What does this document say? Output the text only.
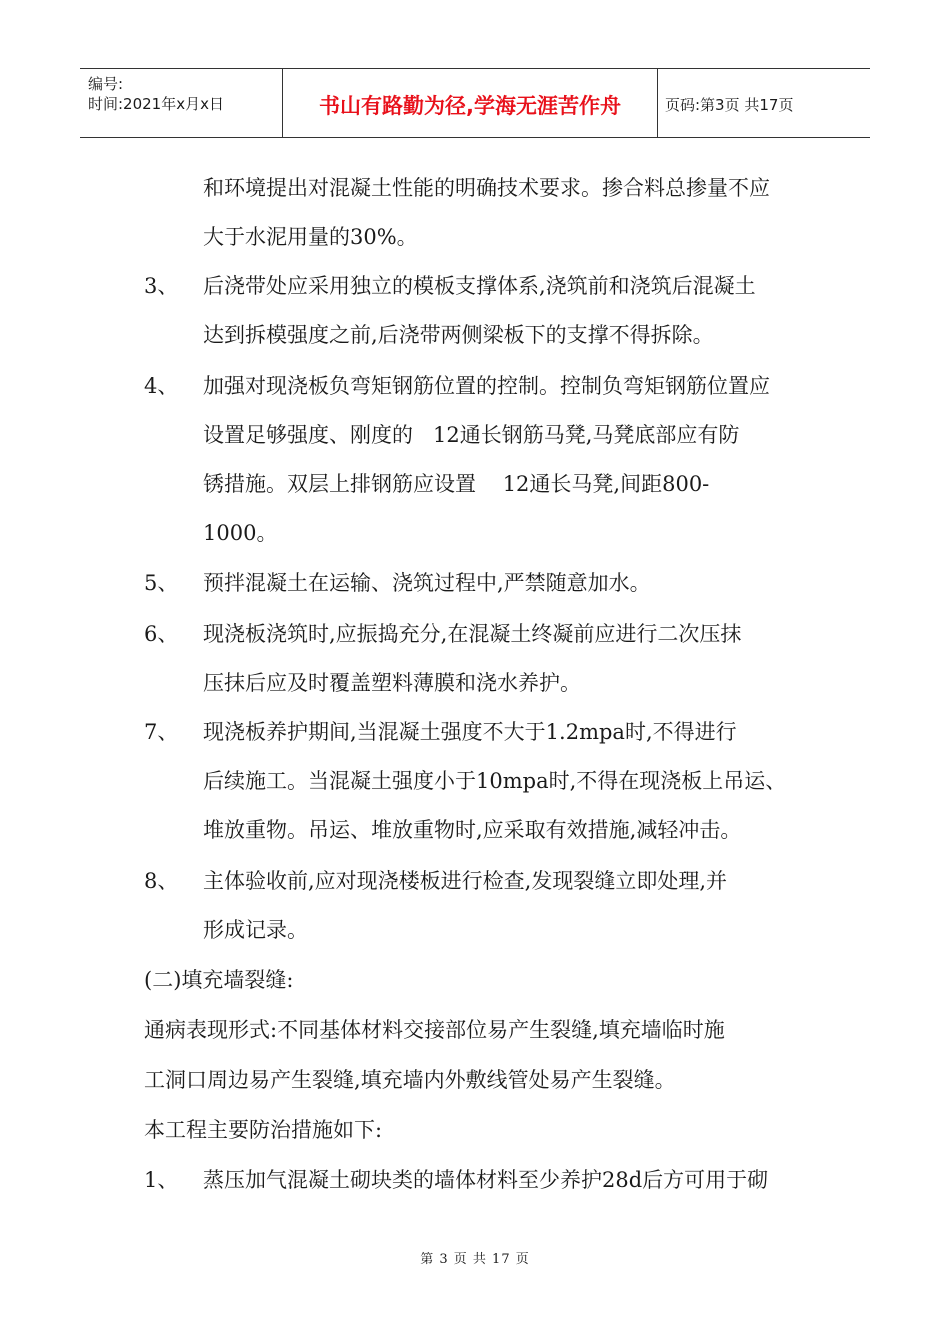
编号:
时间:2021年x月x日	书山有路勤为径,学海无涯苦作舟	页码:第3页 共17页
和环境提出对混凝土性能的明确技术要求。掺合料总掺量不应
大于水泥用量的30%。
3、 后浇带处应采用独立的模板支撑体系,浇筑前和浇筑后混凝土
达到拆模强度之前,后浇带两侧梁板下的支撑不得拆除。
4、 加强对现浇板负弯矩钢筋位置的控制。控制负弯矩钢筋位置应
设置足够强度、刚度的   12通长钢筋马凳,马凳底部应有防
锈措施。双层上排钢筋应设置    12通长马凳,间距800-
1000。
5、 预拌混凝土在运输、浇筑过程中,严禁随意加水。
6、 现浇板浇筑时,应振捣充分,在混凝土终凝前应进行二次压抹
压抹后应及时覆盖塑料薄膜和浇水养护。
7、 现浇板养护期间,当混凝土强度不大于1.2mpa时,不得进行
后续施工。当混凝土强度小于10mpa时,不得在现浇板上吊运、
堆放重物。吊运、堆放重物时,应采取有效措施,减轻冲击。
8、 主体验收前,应对现浇楼板进行检查,发现裂缝立即处理,并
形成记录。
(二)填充墙裂缝:
通病表现形式:不同基体材料交接部位易产生裂缝,填充墙临时施
工洞口周边易产生裂缝,填充墙内外敷线管处易产生裂缝。
本工程主要防治措施如下:
1、 蒸压加气混凝土砌块类的墙体材料至少养护28d后方可用于砌
第 3 页 共 17 页
